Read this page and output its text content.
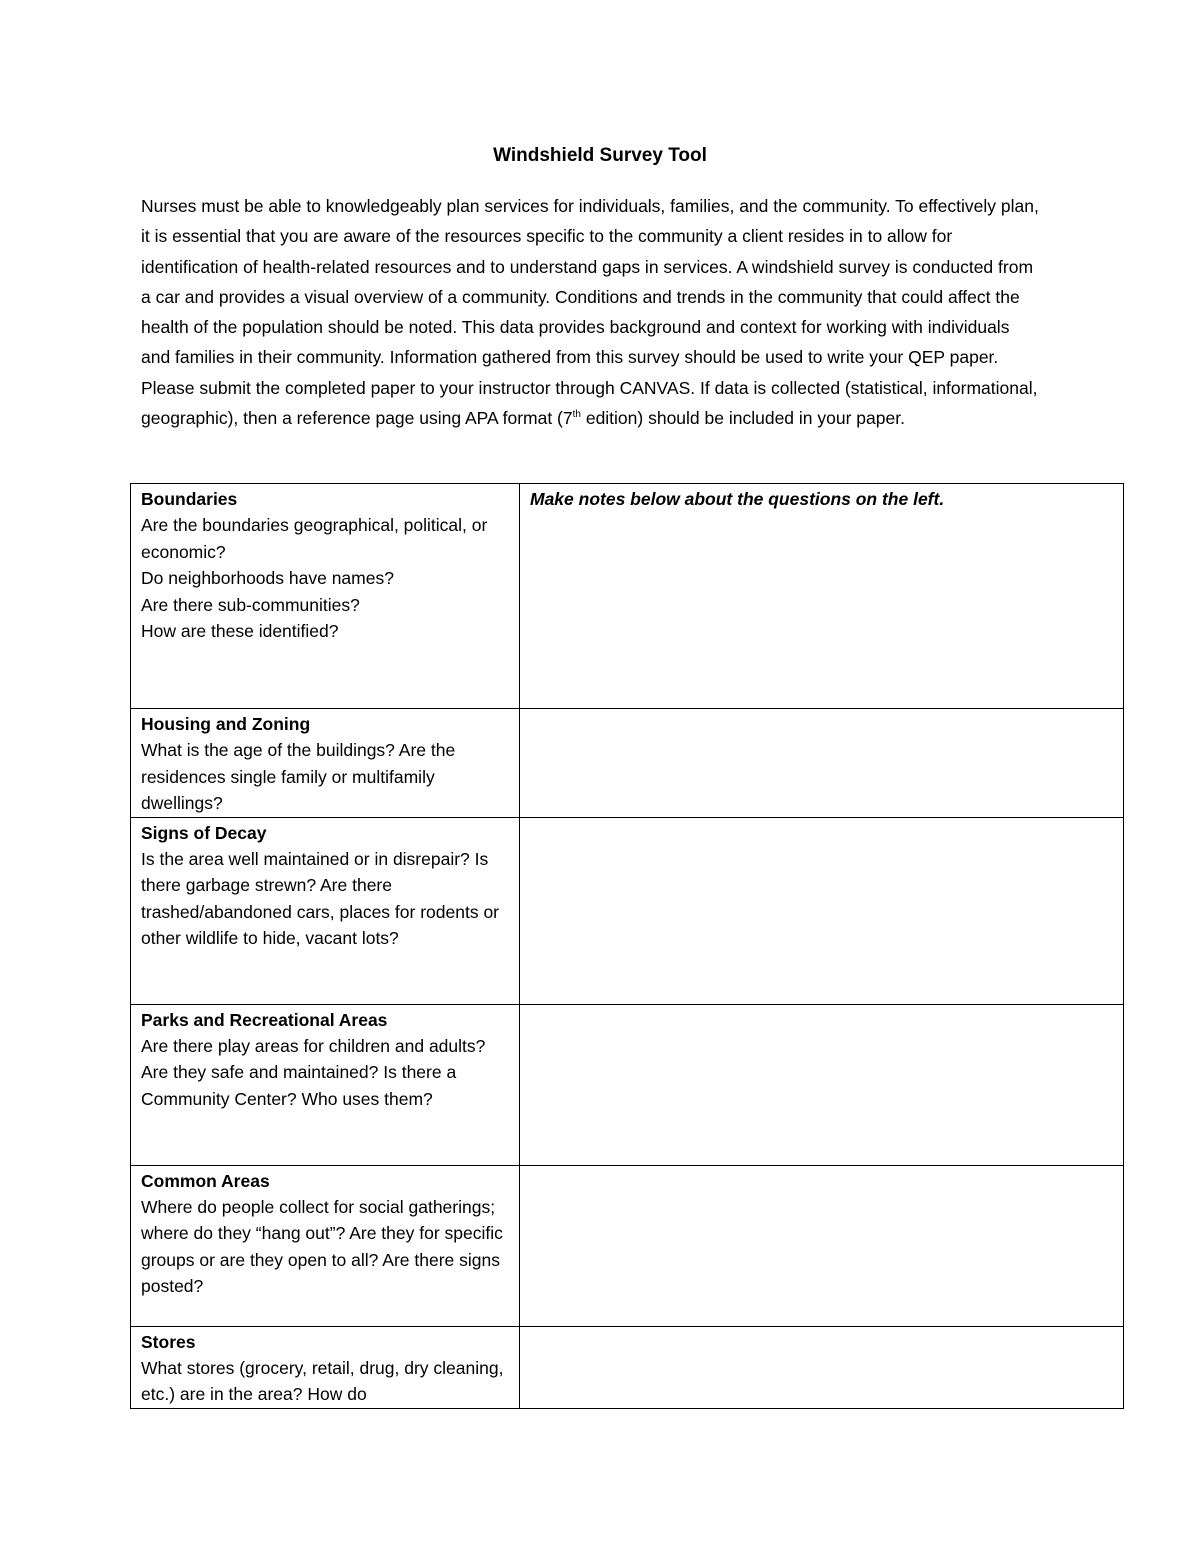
Windshield Survey Tool

Nurses must be able to knowledgeably plan services for individuals, families, and the community. To effectively plan, it is essential that you are aware of the resources specific to the community a client resides in to allow for identification of health-related resources and to understand gaps in services. A windshield survey is conducted from a car and provides a visual overview of a community. Conditions and trends in the community that could affect the health of the population should be noted. This data provides background and context for working with individuals and families in their community. Information gathered from this survey should be used to write your QEP paper. Please submit the completed paper to your instructor through CANVAS. If data is collected (statistical, informational, geographic), then a reference page using APA format (7th edition) should be included in your paper.

Boundaries
Are the boundaries geographical, political, or economic?
Do neighborhoods have names?
Are there sub-communities?
How are these identified?	Make notes below about the questions on the left.

Housing and Zoning
What is the age of the buildings? Are the residences single family or multifamily dwellings?	

Signs of Decay
Is the area well maintained or in disrepair? Is there garbage strewn? Are there trashed/abandoned cars, places for rodents or other wildlife to hide, vacant lots?	

Parks and Recreational Areas
Are there play areas for children and adults? Are they safe and maintained? Is there a Community Center? Who uses them?	

Common Areas
Where do people collect for social gatherings; where do they “hang out”? Are they for specific groups or are they open to all? Are there signs posted?	

Stores
What stores (grocery, retail, drug, dry cleaning, etc.) are in the area? How do	
